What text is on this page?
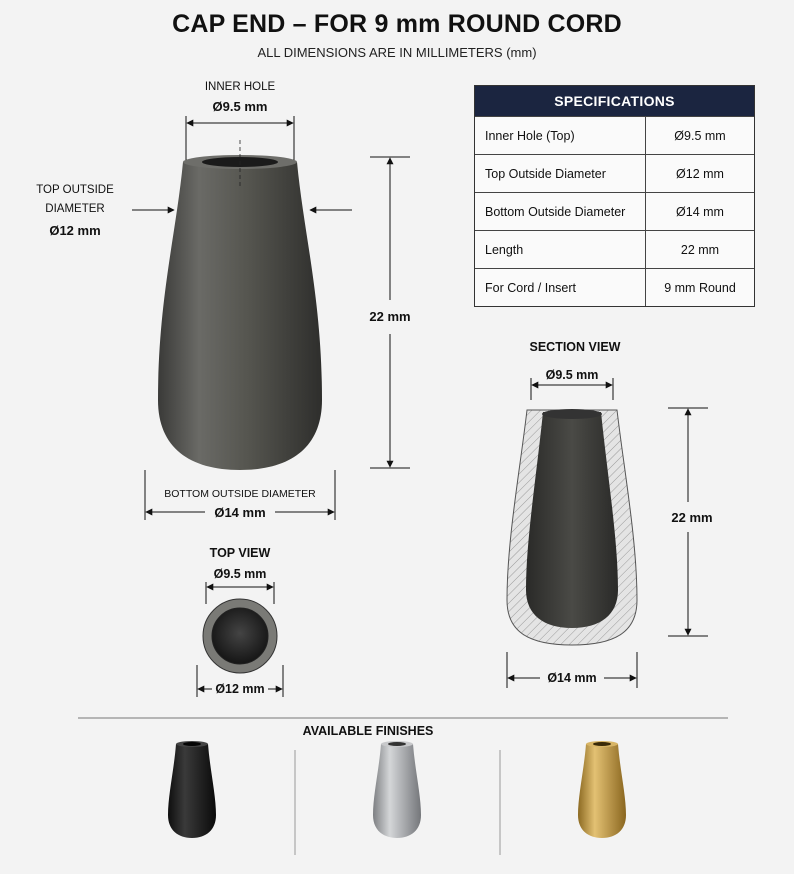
CAP END – FOR 9 mm ROUND CORD
ALL DIMENSIONS ARE IN MILLIMETERS (mm)
INNER HOLE
Ø9.5 mm
TOP OUTSIDE
DIAMETER
Ø12 mm
22 mm
BOTTOM OUTSIDE DIAMETER
Ø14 mm
SPECIFICATIONS
Inner Hole (Top)	Ø9.5 mm
Top Outside Diameter	Ø12 mm
Bottom Outside Diameter	Ø14 mm
Length	22 mm
For Cord / Insert	9 mm Round
SECTION VIEW
Ø9.5 mm
22 mm
Ø14 mm
TOP VIEW
Ø9.5 mm
Ø12 mm
AVAILABLE FINISHES
